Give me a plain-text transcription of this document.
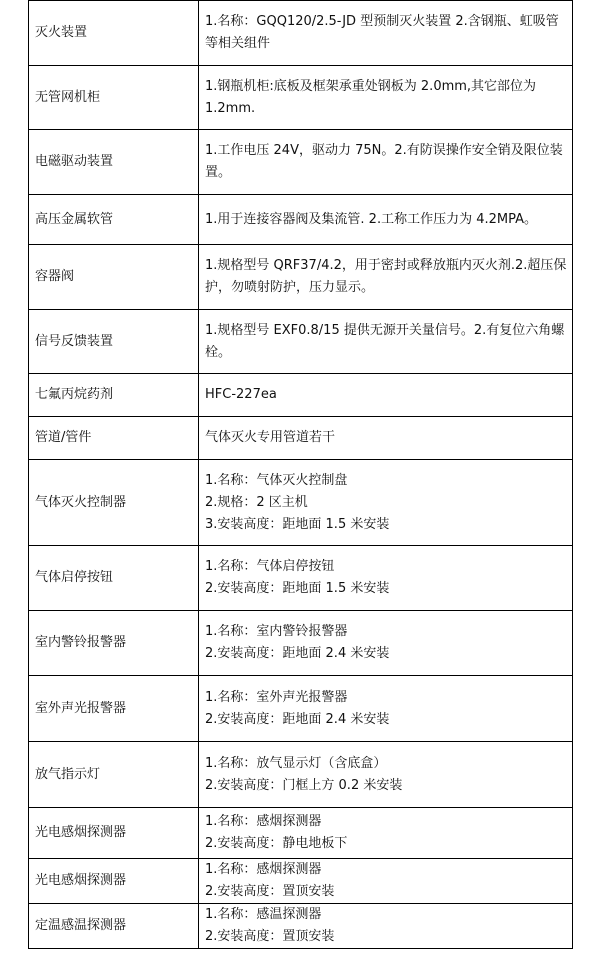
灭火装置	1.名称：GQQ120/2.5-JD 型预制灭火装置 2.含钢瓶、虹吸管等相关组件

无管网机柜	1.钢瓶机柜:底板及框架承重处钢板为 2.0mm,其它部位为 1.2mm.

电磁驱动装置	1.工作电压 24V，驱动力 75N。2.有防误操作安全销及限位装置。

高压金属软管	1.用于连接容器阀及集流管. 2.工称工作压力为 4.2MPA。

容器阀	1.规格型号 QRF37/4.2，用于密封或释放瓶内灭火剂.2.超压保护，勿喷射防护，压力显示。

信号反馈装置	1.规格型号 EXF0.8/15 提供无源开关量信号。2.有复位六角螺栓。

七氟丙烷药剂	HFC-227ea

管道/管件	气体灭火专用管道若干

气体灭火控制器	1.名称：气体灭火控制盘
2.规格：2 区主机
3.安装高度：距地面 1.5 米安装

气体启停按钮	1.名称：气体启停按钮
2.安装高度：距地面 1.5 米安装

室内警铃报警器	1.名称：室内警铃报警器
2.安装高度：距地面 2.4 米安装

室外声光报警器	1.名称：室外声光报警器
2.安装高度：距地面 2.4 米安装

放气指示灯	1.名称：放气显示灯（含底盒）
2.安装高度：门框上方 0.2 米安装

光电感烟探测器	1.名称：感烟探测器
2.安装高度：静电地板下

光电感烟探测器	1.名称：感烟探测器
2.安装高度：置顶安装

定温感温探测器	1.名称：感温探测器
2.安装高度：置顶安装
